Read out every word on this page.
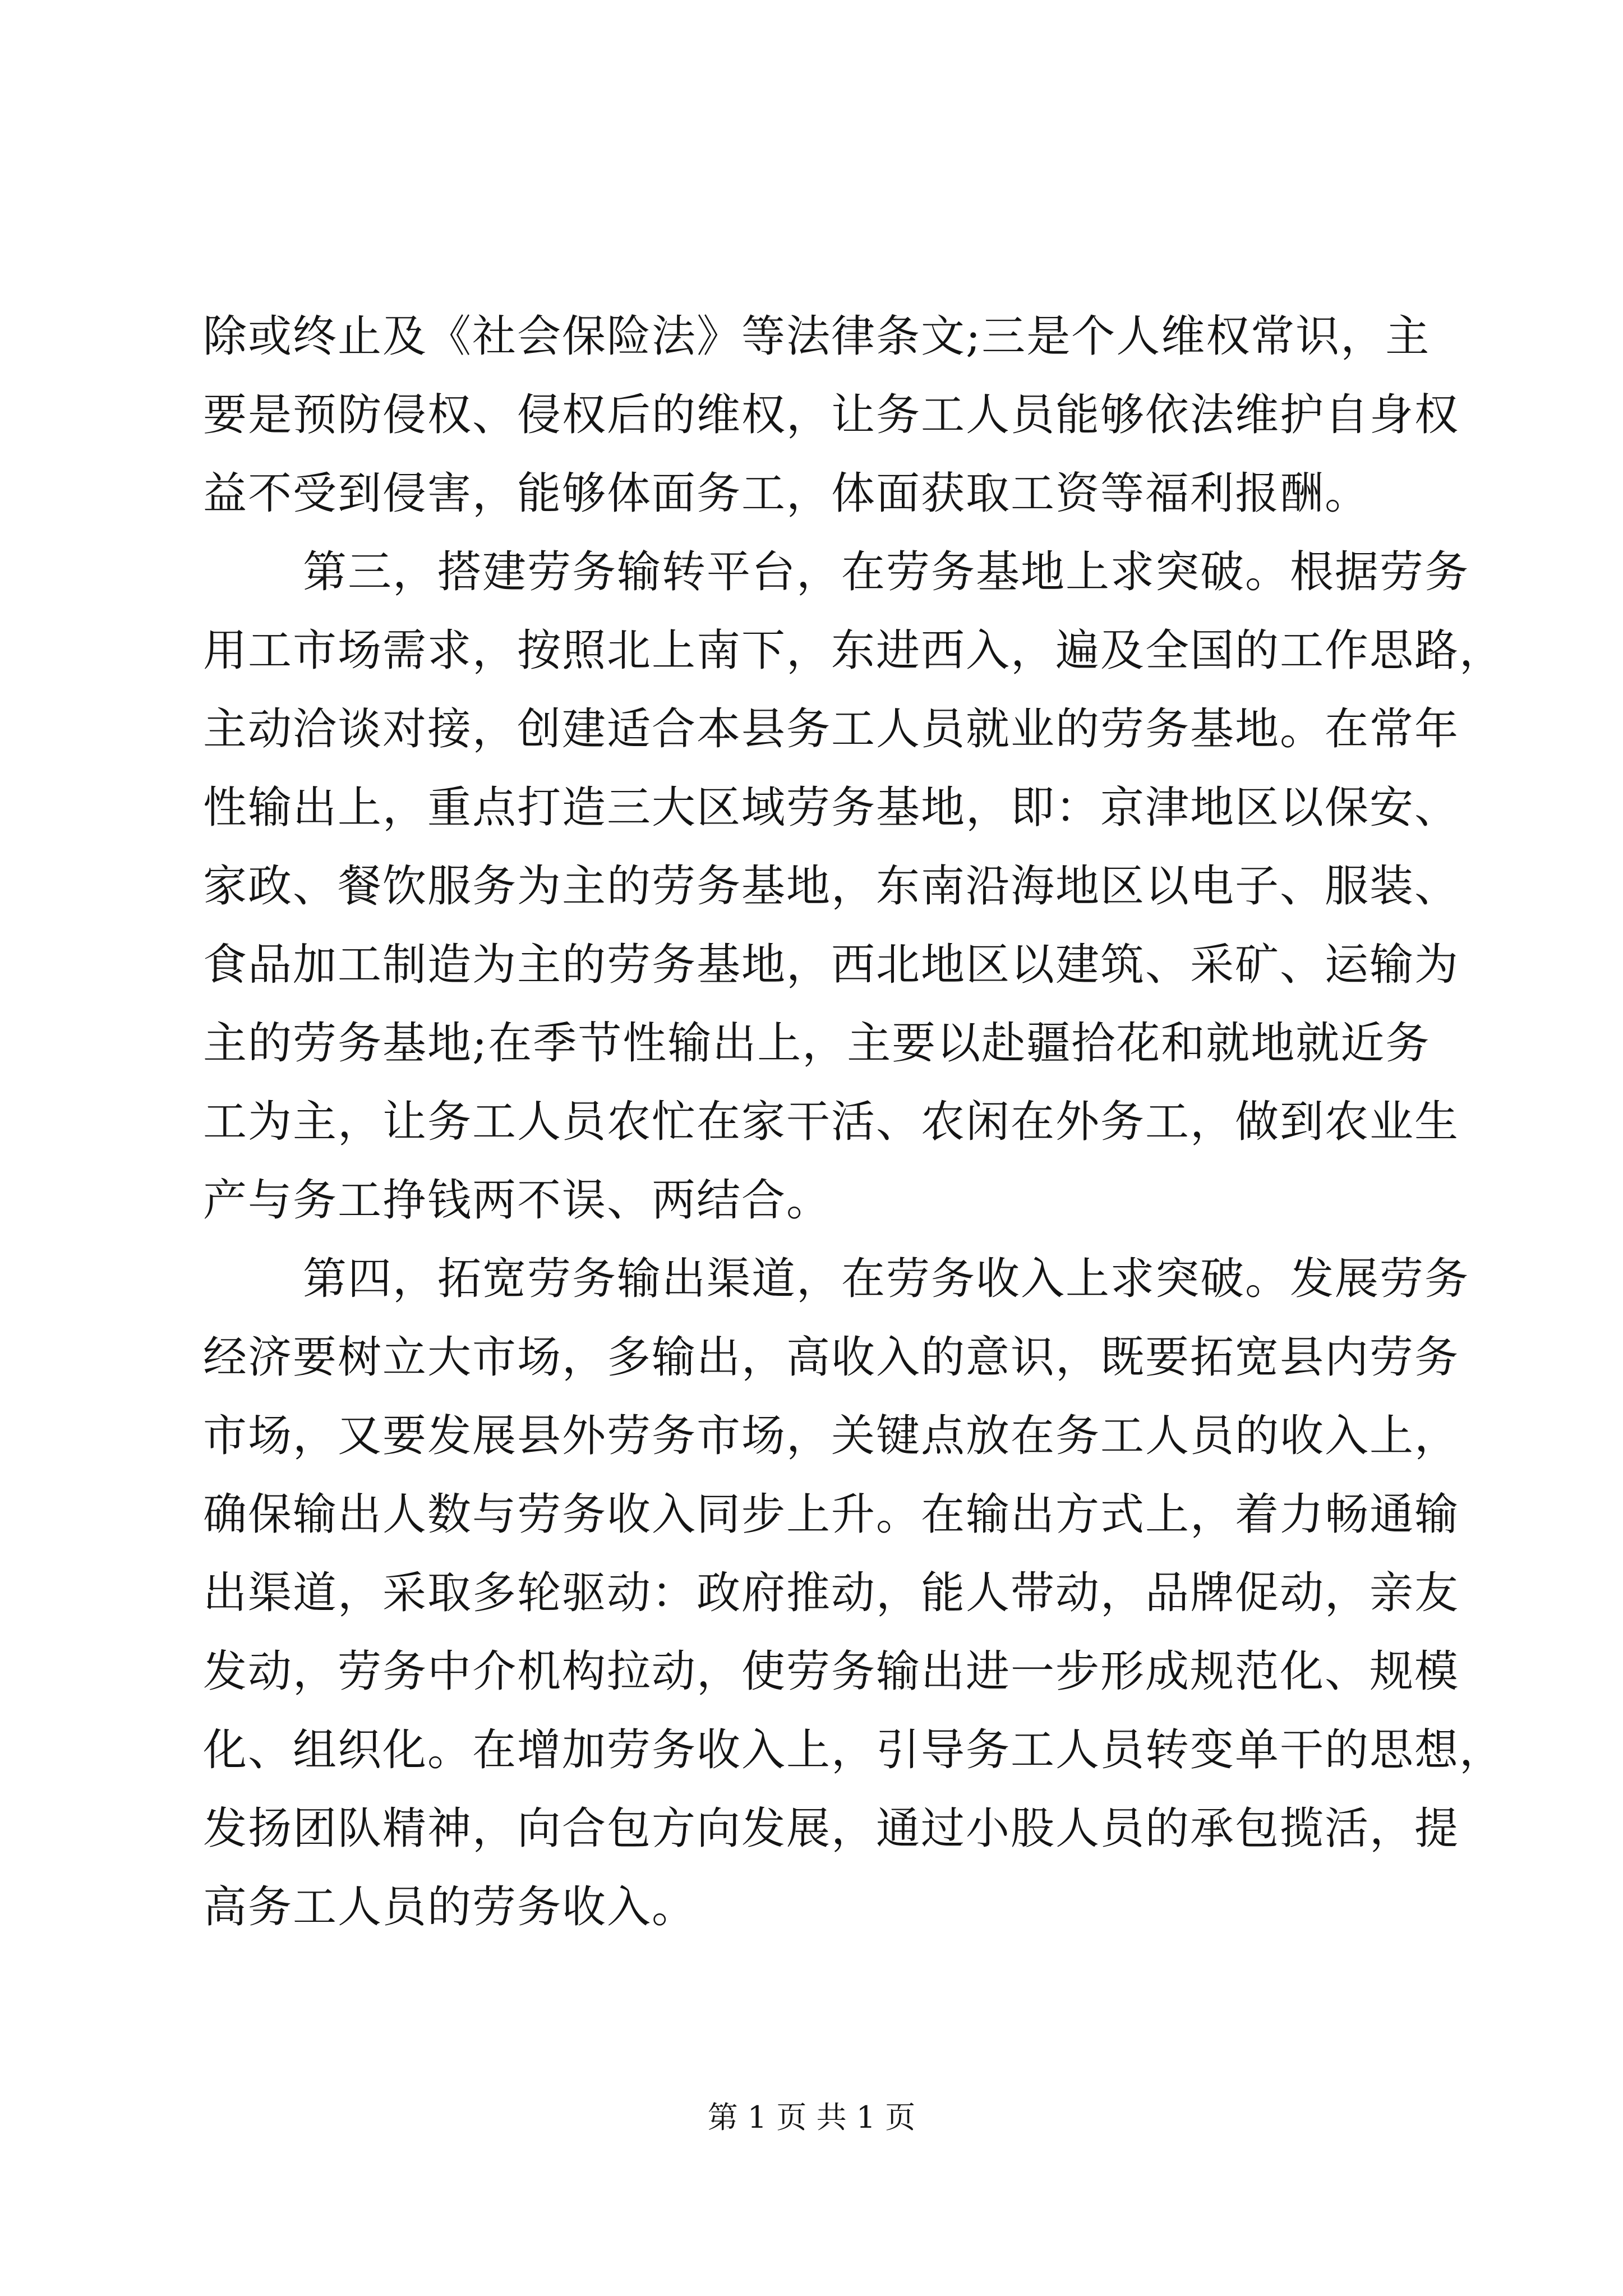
除或终止及《社会保险法》等法律条文;三是个人维权常识，主

要是预防侵权、侵权后的维权，让务工人员能够依法维护自身权

益不受到侵害，能够体面务工，体面获取工资等福利报酬。

第三，搭建劳务输转平台，在劳务基地上求突破。根据劳务

用工市场需求，按照北上南下，东进西入，遍及全国的工作思路，

主动洽谈对接，创建适合本县务工人员就业的劳务基地。在常年

性输出上，重点打造三大区域劳务基地，即：京津地区以保安、

家政、餐饮服务为主的劳务基地，东南沿海地区以电子、服装、

食品加工制造为主的劳务基地，西北地区以建筑、采矿、运输为

主的劳务基地;在季节性输出上，主要以赴疆拾花和就地就近务

工为主，让务工人员农忙在家干活、农闲在外务工，做到农业生

产与务工挣钱两不误、两结合。

第四，拓宽劳务输出渠道，在劳务收入上求突破。发展劳务

经济要树立大市场，多输出，高收入的意识，既要拓宽县内劳务

市场，又要发展县外劳务市场，关键点放在务工人员的收入上，

确保输出人数与劳务收入同步上升。在输出方式上，着力畅通输

出渠道，采取多轮驱动：政府推动，能人带动，品牌促动，亲友

发动，劳务中介机构拉动，使劳务输出进一步形成规范化、规模

化、组织化。在增加劳务收入上，引导务工人员转变单干的思想，

发扬团队精神，向合包方向发展，通过小股人员的承包揽活，提

高务工人员的劳务收入。

第 1 页 共 1 页
